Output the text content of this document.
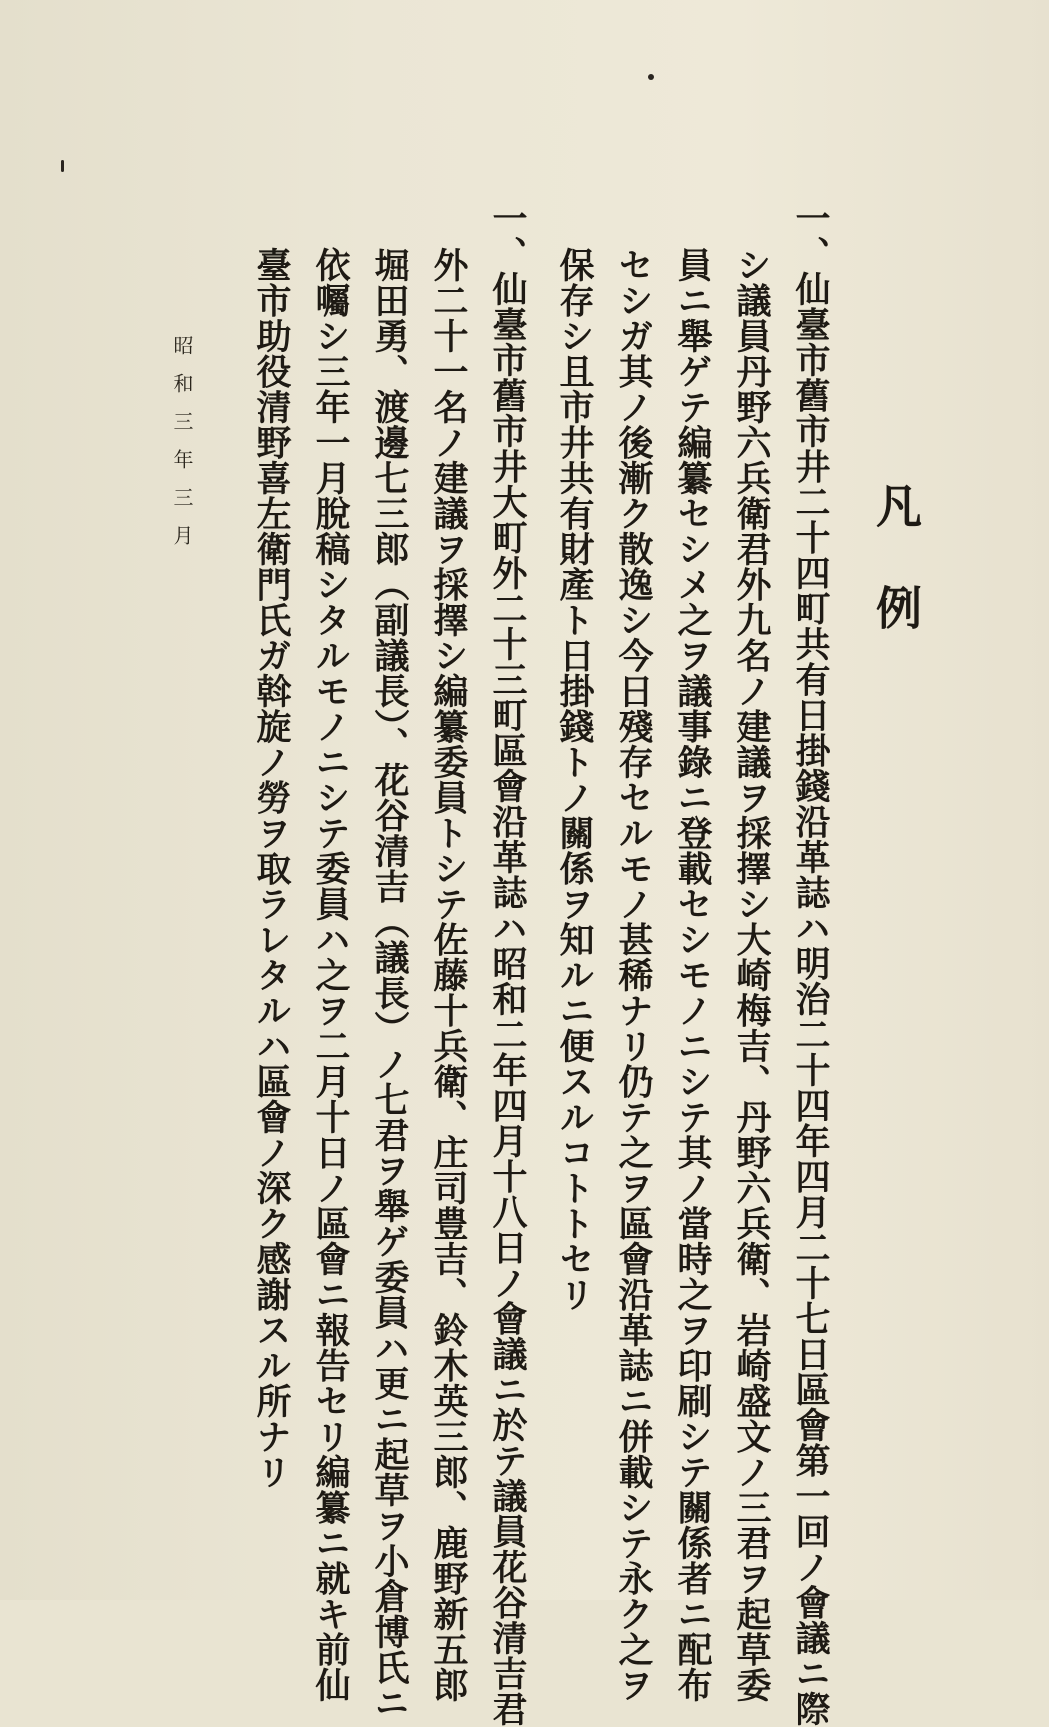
凡例
一、仙臺市舊市井二十四町共有日掛錢沿革誌ハ明治二十四年四月二十七日區會第一回ノ會議ニ際
シ議員丹野六兵衛君外九名ノ建議ヲ採擇シ大崎梅吉、丹野六兵衛、岩崎盛文ノ三君ヲ起草委
員ニ舉ゲテ編纂セシメ之ヲ議事錄ニ登載セシモノニシテ其ノ當時之ヲ印刷シテ關係者ニ配布
セシガ其ノ後漸ク散逸シ今日殘存セルモノ甚稀ナリ仍テ之ヲ區會沿革誌ニ併載シテ永ク之ヲ
保存シ且市井共有財產ト日掛錢トノ關係ヲ知ルニ便スルコトトセリ
一、仙臺市舊市井大町外二十三町區會沿革誌ハ昭和二年四月十八日ノ會議ニ於テ議員花谷清吉君
外二十一名ノ建議ヲ採擇シ編纂委員トシテ佐藤十兵衛、庄司豊吉、鈴木英三郎、鹿野新五郎
堀田勇、渡邊七三郎（副議長）、花谷清吉（議長）ノ七君ヲ舉ゲ委員ハ更ニ起草ヲ小倉博氏ニ
依囑シ三年一月脫稿シタルモノニシテ委員ハ之ヲ二月十日ノ區會ニ報告セリ編纂ニ就キ前仙
臺市助役清野喜左衛門氏ガ斡旋ノ勞ヲ取ラレタルハ區會ノ深ク感謝スル所ナリ
昭和三年三月
